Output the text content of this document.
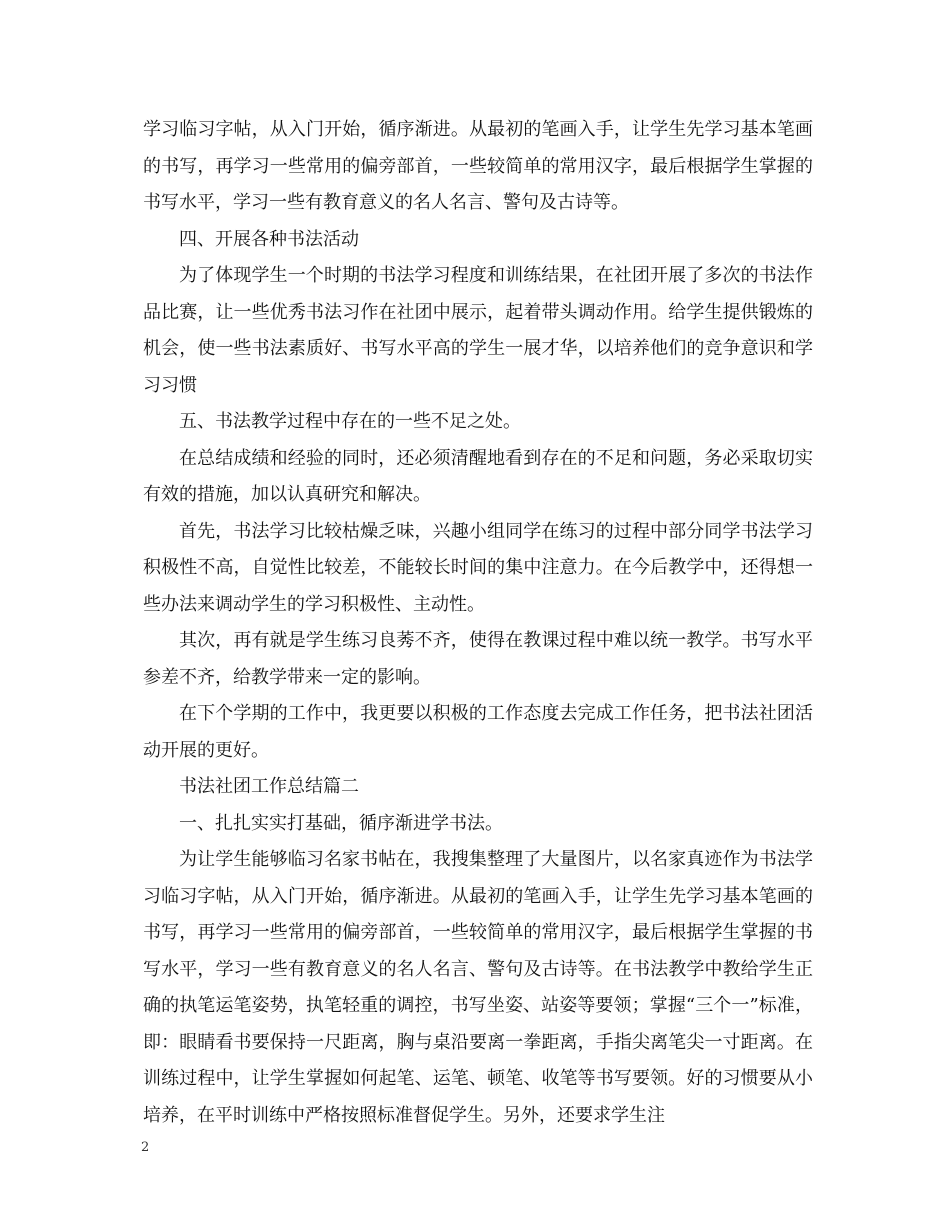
学习临习字帖，从入门开始，循序渐进。从最初的笔画入手，让学生先学习基本笔画的书写，再学习一些常用的偏旁部首，一些较简单的常用汉字，最后根据学生掌握的书写水平，学习一些有教育意义的名人名言、警句及古诗等。

四、开展各种书法活动

为了体现学生一个时期的书法学习程度和训练结果，在社团开展了多次的书法作品比赛，让一些优秀书法习作在社团中展示，起着带头调动作用。给学生提供锻炼的机会，使一些书法素质好、书写水平高的学生一展才华，以培养他们的竞争意识和学习习惯

五、书法教学过程中存在的一些不足之处。

在总结成绩和经验的同时，还必须清醒地看到存在的不足和问题，务必采取切实有效的措施，加以认真研究和解决。

首先，书法学习比较枯燥乏味，兴趣小组同学在练习的过程中部分同学书法学习积极性不高，自觉性比较差，不能较长时间的集中注意力。在今后教学中，还得想一些办法来调动学生的学习积极性、主动性。

其次，再有就是学生练习良莠不齐，使得在教课过程中难以统一教学。书写水平参差不齐，给教学带来一定的影响。

在下个学期的工作中，我更要以积极的工作态度去完成工作任务，把书法社团活动开展的更好。

书法社团工作总结篇二

一、扎扎实实打基础，循序渐进学书法。

为让学生能够临习名家书帖在，我搜集整理了大量图片，以名家真迹作为书法学习临习字帖，从入门开始，循序渐进。从最初的笔画入手，让学生先学习基本笔画的书写，再学习一些常用的偏旁部首，一些较简单的常用汉字，最后根据学生掌握的书写水平，学习一些有教育意义的名人名言、警句及古诗等。在书法教学中教给学生正确的执笔运笔姿势，执笔轻重的调控，书写坐姿、站姿等要领；掌握“三个一”标准，即：眼睛看书要保持一尺距离，胸与桌沿要离一拳距离，手指尖离笔尖一寸距离。在训练过程中，让学生掌握如何起笔、运笔、顿笔、收笔等书写要领。好的习惯要从小培养，在平时训练中严格按照标准督促学生。另外，还要求学生注

2
